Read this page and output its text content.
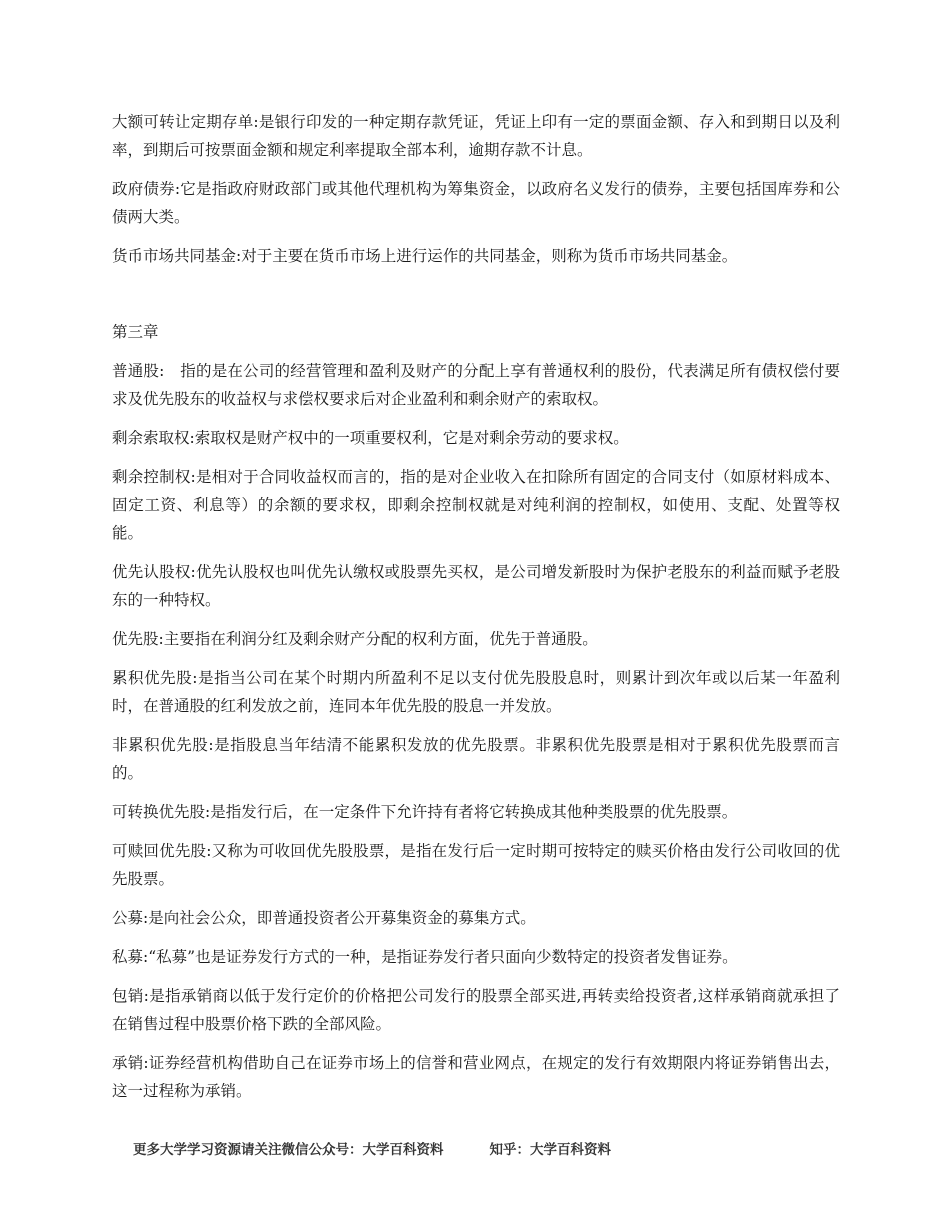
大额可转让定期存单:是银行印发的一种定期存款凭证，凭证上印有一定的票面金额、存入和到期日以及利率，到期后可按票面金额和规定利率提取全部本利，逾期存款不计息。

政府债券:它是指政府财政部门或其他代理机构为筹集资金，以政府名义发行的债券，主要包括国库券和公债两大类。

货币市场共同基金:对于主要在货币市场上进行运作的共同基金，则称为货币市场共同基金。

第三章

普通股:　指的是在公司的经营管理和盈利及财产的分配上享有普通权利的股份，代表满足所有债权偿付要求及优先股东的收益权与求偿权要求后对企业盈利和剩余财产的索取权。

剩余索取权:索取权是财产权中的一项重要权利，它是对剩余劳动的要求权。

剩余控制权:是相对于合同收益权而言的，指的是对企业收入在扣除所有固定的合同支付（如原材料成本、固定工资、利息等）的余额的要求权，即剩余控制权就是对纯利润的控制权，如使用、支配、处置等权能。

优先认股权:优先认股权也叫优先认缴权或股票先买权，是公司增发新股时为保护老股东的利益而赋予老股东的一种特权。

优先股:主要指在利润分红及剩余财产分配的权利方面，优先于普通股。

累积优先股:是指当公司在某个时期内所盈利不足以支付优先股股息时，则累计到次年或以后某一年盈利时，在普通股的红利发放之前，连同本年优先股的股息一并发放。

非累积优先股:是指股息当年结清不能累积发放的优先股票。非累积优先股票是相对于累积优先股票而言的。

可转换优先股:是指发行后，在一定条件下允许持有者将它转换成其他种类股票的优先股票。

可赎回优先股:又称为可收回优先股股票，是指在发行后一定时期可按特定的赎买价格由发行公司收回的优先股票。

公募:是向社会公众，即普通投资者公开募集资金的募集方式。

私募:“私募”也是证券发行方式的一种，是指证券发行者只面向少数特定的投资者发售证券。

包销:是指承销商以低于发行定价的价格把公司发行的股票全部买进,再转卖给投资者,这样承销商就承担了在销售过程中股票价格下跌的全部风险。

承销:证券经营机构借助自己在证券市场上的信誉和营业网点，在规定的发行有效期限内将证券销售出去，这一过程称为承销。

更多大学学习资源请关注微信公众号：大学百科资料	知乎：大学百科资料
